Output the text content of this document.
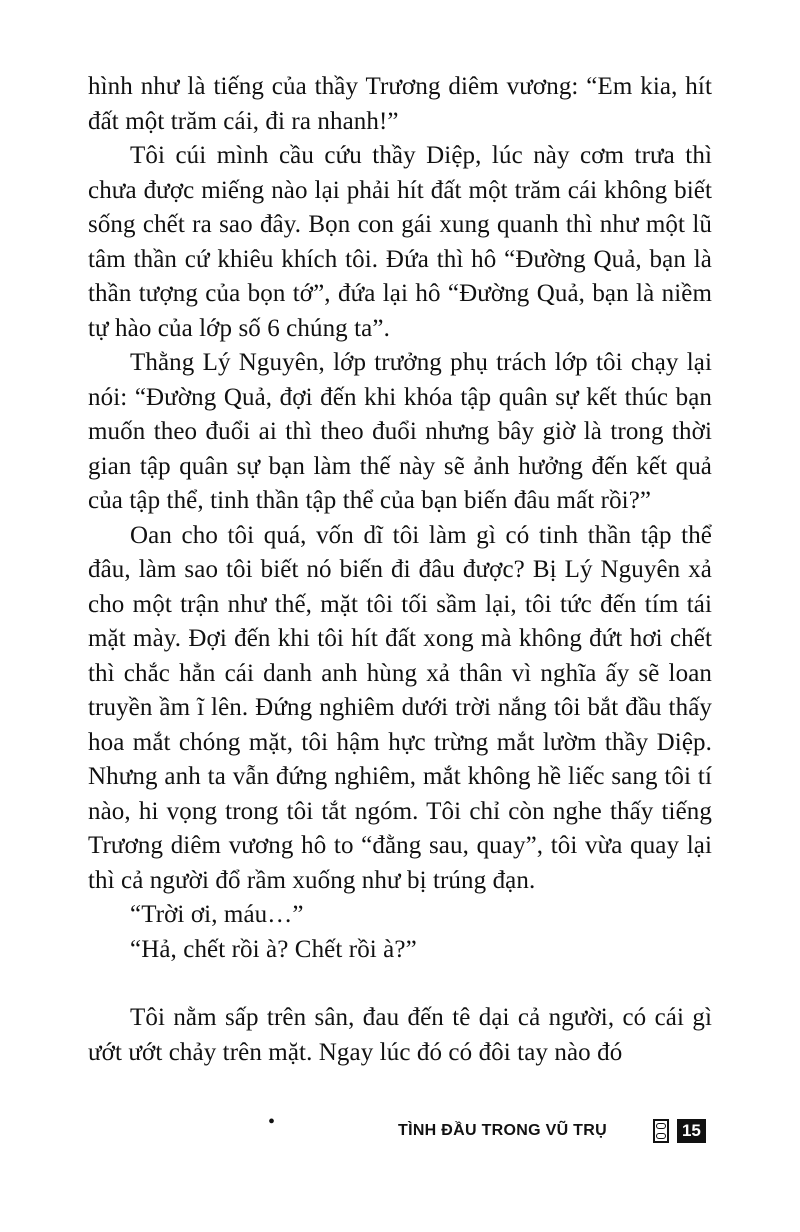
hình như là tiếng của thầy Trương diêm vương: “Em kia, hít đất một trăm cái, đi ra nhanh!”

Tôi cúi mình cầu cứu thầy Diệp, lúc này cơm trưa thì chưa được miếng nào lại phải hít đất một trăm cái không biết sống chết ra sao đây. Bọn con gái xung quanh thì như một lũ tâm thần cứ khiêu khích tôi. Đứa thì hô “Đường Quả, bạn là thần tượng của bọn tớ”, đứa lại hô “Đường Quả, bạn là niềm tự hào của lớp số 6 chúng ta”.

Thằng Lý Nguyên, lớp trưởng phụ trách lớp tôi chạy lại nói: “Đường Quả, đợi đến khi khóa tập quân sự kết thúc bạn muốn theo đuổi ai thì theo đuổi nhưng bây giờ là trong thời gian tập quân sự bạn làm thế này sẽ ảnh hưởng đến kết quả của tập thể, tinh thần tập thể của bạn biến đâu mất rồi?”

Oan cho tôi quá, vốn dĩ tôi làm gì có tinh thần tập thể đâu, làm sao tôi biết nó biến đi đâu được? Bị Lý Nguyên xả cho một trận như thế, mặt tôi tối sầm lại, tôi tức đến tím tái mặt mày. Đợi đến khi tôi hít đất xong mà không đứt hơi chết thì chắc hẳn cái danh anh hùng xả thân vì nghĩa ấy sẽ loan truyền ầm ĩ lên. Đứng nghiêm dưới trời nắng tôi bắt đầu thấy hoa mắt chóng mặt, tôi hậm hực trừng mắt lườm thầy Diệp. Nhưng anh ta vẫn đứng nghiêm, mắt không hề liếc sang tôi tí nào, hi vọng trong tôi tắt ngóm. Tôi chỉ còn nghe thấy tiếng Trương diêm vương hô to “đằng sau, quay”, tôi vừa quay lại thì cả người đổ rầm xuống như bị trúng đạn.

“Trời ơi, máu…”

“Hả, chết rồi à? Chết rồi à?”

Tôi nằm sấp trên sân, đau đến tê dại cả người, có cái gì ướt ướt chảy trên mặt. Ngay lúc đó có đôi tay nào đó

•	TÌNH ĐẦU TRONG VŨ TRỤ	15
